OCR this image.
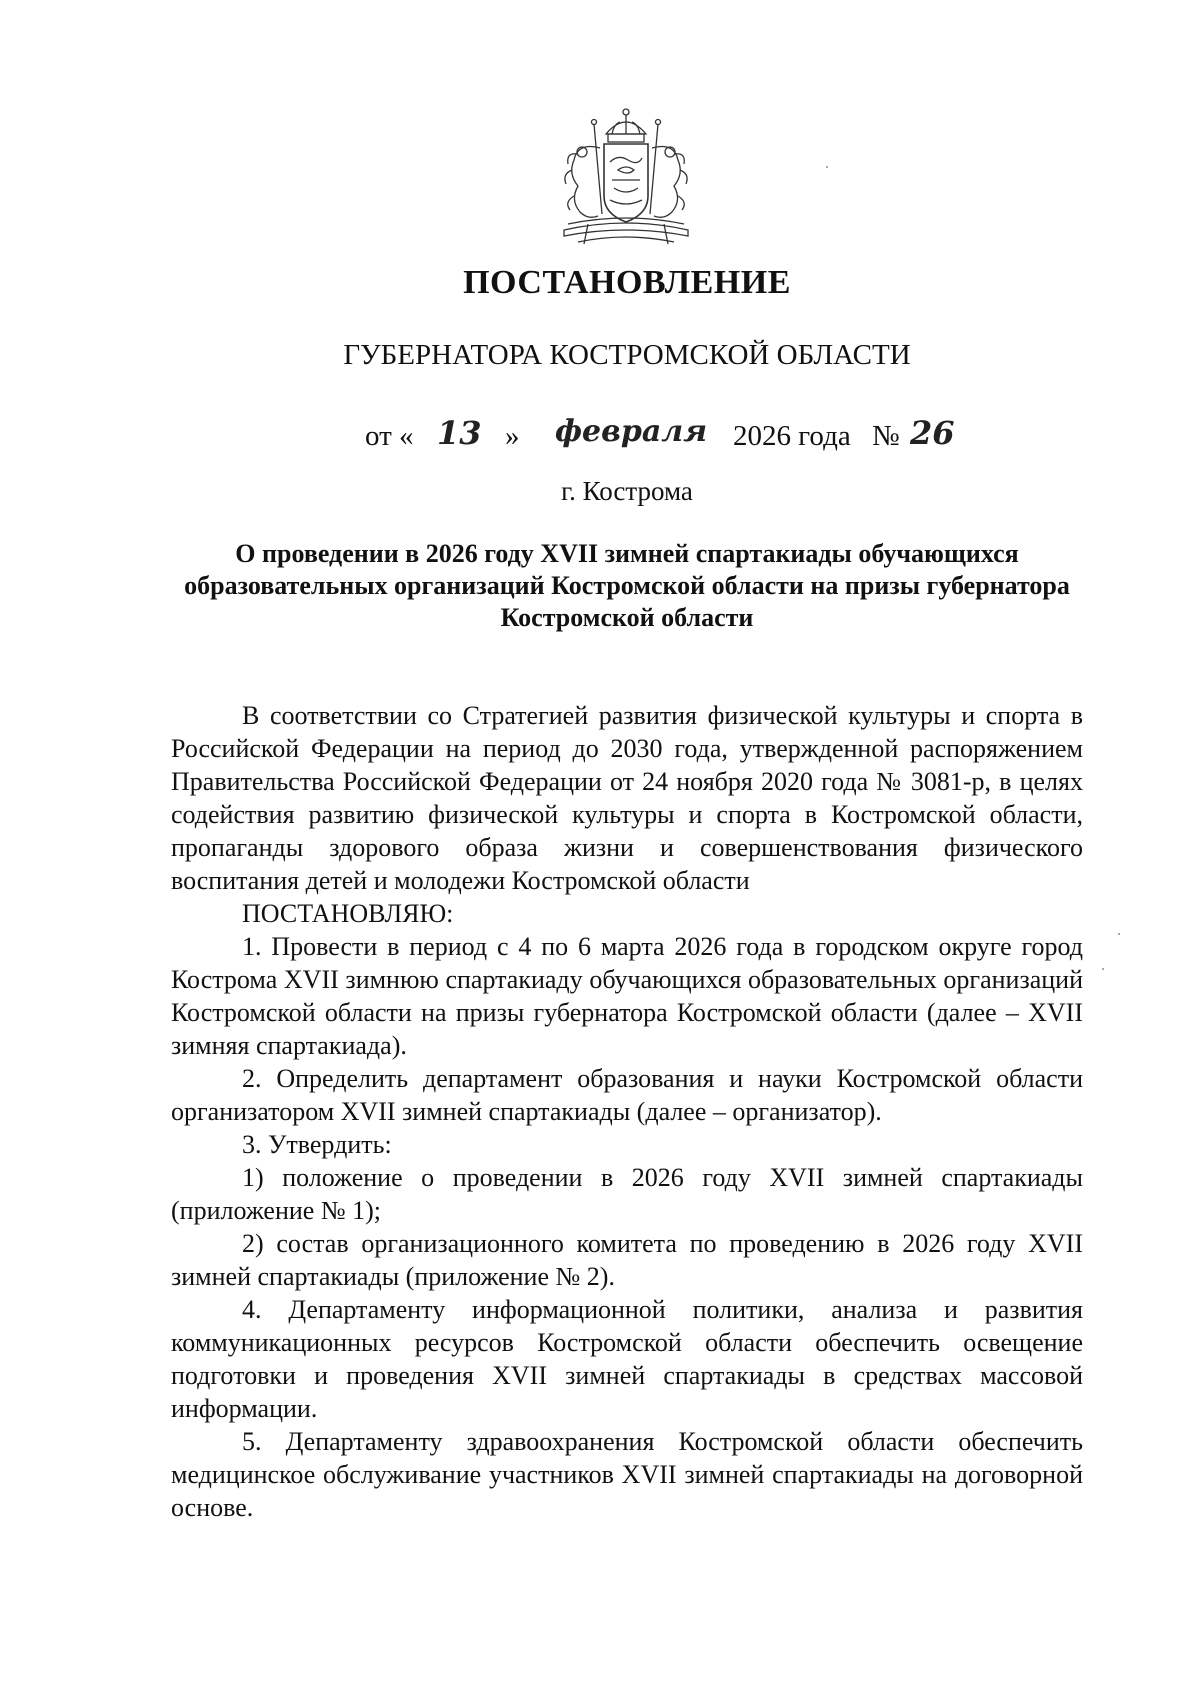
ПОСТАНОВЛЕНИЕ
ГУБЕРНАТОРА КОСТРОМСКОЙ ОБЛАСТИ
от « 13 » февраля 2026 года № 26
г. Кострома
О проведении в 2026 году XVII зимней спартакиады обучающихся образовательных организаций Костромской области на призы губернатора Костромской области

В соответствии со Стратегией развития физической культуры и спорта в Российской Федерации на период до 2030 года, утвержденной распоряжением Правительства Российской Федерации от 24 ноября 2020 года № 3081-р, в целях содействия развитию физической культуры и спорта в Костромской области, пропаганды здорового образа жизни и совершенствования физического воспитания детей и молодежи Костромской области

ПОСТАНОВЛЯЮ:

1. Провести в период с 4 по 6 марта 2026 года в городском округе город Кострома XVII зимнюю спартакиаду обучающихся образовательных организаций Костромской области на призы губернатора Костромской области (далее – XVII зимняя спартакиада).

2. Определить департамент образования и науки Костромской области организатором XVII зимней спартакиады (далее – организатор).

3. Утвердить:

1) положение о проведении в 2026 году XVII зимней спартакиады (приложение № 1);

2) состав организационного комитета по проведению в 2026 году XVII зимней спартакиады (приложение № 2).

4. Департаменту информационной политики, анализа и развития коммуникационных ресурсов Костромской области обеспечить освещение подготовки и проведения XVII зимней спартакиады в средствах массовой информации.

5. Департаменту здравоохранения Костромской области обеспечить медицинское обслуживание участников XVII зимней спартакиады на договорной основе.
